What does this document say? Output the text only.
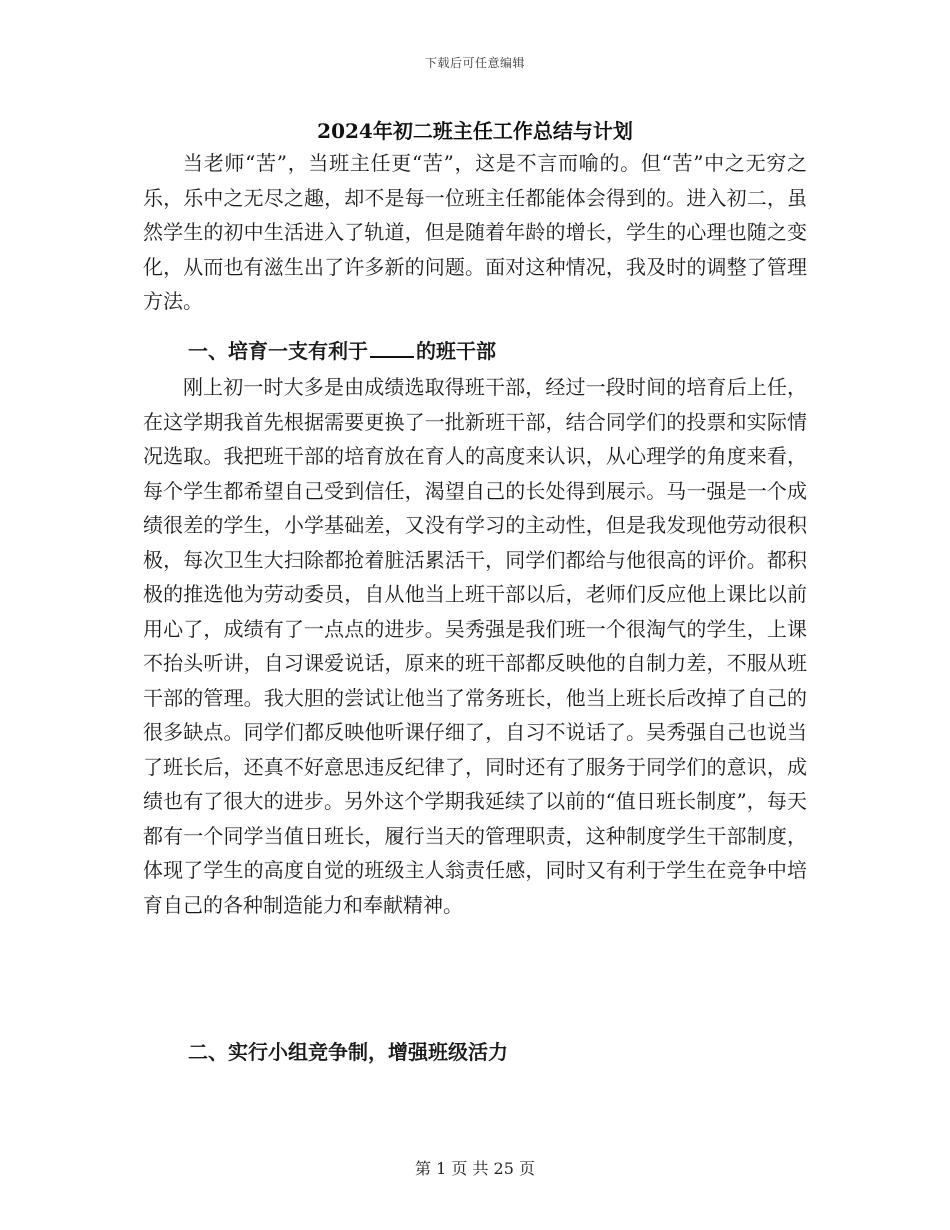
下载后可任意编辑
2024年初二班主任工作总结与计划

当老师“苦”，当班主任更“苦”，这是不言而喻的。但“苦”中之无穷之乐，乐中之无尽之趣，却不是每一位班主任都能体会得到的。进入初二，虽然学生的初中生活进入了轨道，但是随着年龄的增长，学生的心理也随之变化，从而也有滋生出了许多新的问题。面对这种情况，我及时的调整了管理方法。

一、培育一支有利于 的班干部

刚上初一时大多是由成绩选取得班干部，经过一段时间的培育后上任，在这学期我首先根据需要更换了一批新班干部，结合同学们的投票和实际情况选取。我把班干部的培育放在育人的高度来认识，从心理学的角度来看，每个学生都希望自己受到信任，渴望自己的长处得到展示。马一强是一个成绩很差的学生，小学基础差，又没有学习的主动性，但是我发现他劳动很积极，每次卫生大扫除都抢着脏活累活干，同学们都给与他很高的评价。都积极的推选他为劳动委员，自从他当上班干部以后，老师们反应他上课比以前用心了，成绩有了一点点的进步。吴秀强是我们班一个很淘气的学生，上课不抬头听讲，自习课爱说话，原来的班干部都反映他的自制力差，不服从班干部的管理。我大胆的尝试让他当了常务班长，他当上班长后改掉了自己的很多缺点。同学们都反映他听课仔细了，自习不说话了。吴秀强自己也说当了班长后，还真不好意思违反纪律了，同时还有了服务于同学们的意识，成绩也有了很大的进步。另外这个学期我延续了以前的“值日班长制度”，每天都有一个同学当值日班长，履行当天的管理职责，这种制度学生干部制度，体现了学生的高度自觉的班级主人翁责任感，同时又有利于学生在竞争中培育自己的各种制造能力和奉献精神。

二、实行小组竞争制，增强班级活力
第 1 页 共 25 页
